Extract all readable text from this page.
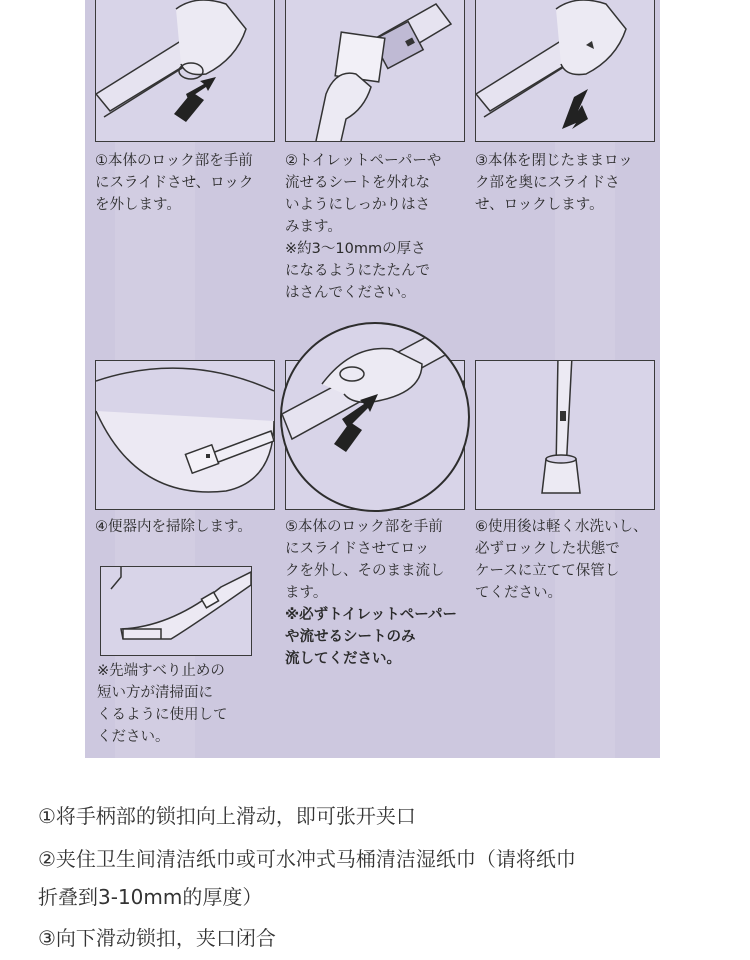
①本体のロック部を手前
にスライドさせ、ロック
を外します。
②トイレットペーパーや
流せるシートを外れな
いようにしっかりはさ
みます。
※約3～10mmの厚さ
になるようにたたんで
はさんでください。
③本体を閉じたままロッ
ク部を奥にスライドさ
せ、ロックします。
④便器内を掃除します。 ⑤本体のロック部を手前
にスライドさせてロッ
クを外し、そのまま流し
ます。
※必ずトイレットペーパー
や流せるシートのみ
流してください。
⑥使用後は軽く水洗いし、
必ずロックした状態で
ケースに立てて保管し
てください。
※先端すべり止めの
短い方が清掃面に
くるように使用して
ください。
①将手柄部的锁扣向上滑动，即可张开夹口
②夹住卫生间清洁纸巾或可水冲式马桶清洁湿纸巾（请将纸巾
折叠到3-10mm的厚度）
③向下滑动锁扣，夹口闭合
